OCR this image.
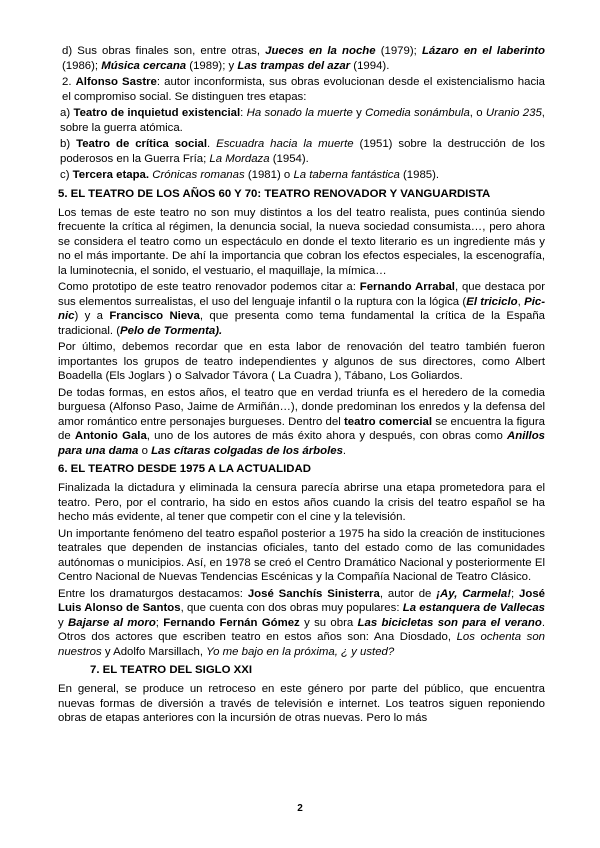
d) Sus obras finales son, entre otras, Jueces en la noche (1979); Lázaro en el laberinto (1986); Música cercana (1989); y Las trampas del azar (1994).

2. Alfonso Sastre: autor inconformista, sus obras evolucionan desde el existencialismo hacia el compromiso social. Se distinguen tres etapas:

a) Teatro de inquietud existencial: Ha sonado la muerte y Comedia sonámbula, o Uranio 235, sobre la guerra atómica.

b) Teatro de crítica social. Escuadra hacia la muerte (1951) sobre la destrucción de los poderosos en la Guerra Fría; La Mordaza (1954).

c) Tercera etapa. Crónicas romanas (1981) o La taberna fantástica (1985).

5. EL TEATRO DE LOS AÑOS 60 Y 70: TEATRO RENOVADOR Y VANGUARDISTA

Los temas de este teatro no son muy distintos a los del teatro realista, pues continúa siendo frecuente la crítica al régimen, la denuncia social, la nueva sociedad consumista…, pero ahora se considera el teatro como un espectáculo en donde el texto literario es un ingrediente más y no el más importante. De ahí la importancia que cobran los efectos especiales, la escenografía, la luminotecnia, el sonido, el vestuario, el maquillaje, la mímica…

Como prototipo de este teatro renovador podemos citar a: Fernando Arrabal, que destaca por sus elementos surrealistas, el uso del lenguaje infantil o la ruptura con la lógica (El triciclo, Pic-nic) y a Francisco Nieva, que presenta como tema fundamental la crítica de la España tradicional. (Pelo de Tormenta).

Por último, debemos recordar que en esta labor de renovación del teatro también fueron importantes los grupos de teatro independientes y algunos de sus directores, como Albert Boadella (Els Joglars ) o Salvador Távora ( La Cuadra ), Tábano, Los Goliardos.

De todas formas, en estos años, el teatro que en verdad triunfa es el heredero de la comedia burguesa (Alfonso Paso, Jaime de Armiñán…), donde predominan los enredos y la defensa del amor romántico entre personajes burgueses. Dentro del teatro comercial se encuentra la figura de Antonio Gala, uno de los autores de más éxito ahora y después, con obras como Anillos para una dama o Las cítaras colgadas de los árboles.

6. EL TEATRO DESDE 1975 A LA ACTUALIDAD

Finalizada la dictadura y eliminada la censura parecía abrirse una etapa prometedora para el teatro. Pero, por el contrario, ha sido en estos años cuando la crisis del teatro español se ha hecho más evidente, al tener que competir con el cine y la televisión.

Un importante fenómeno del teatro español posterior a 1975 ha sido la creación de instituciones teatrales que dependen de instancias oficiales, tanto del estado como de las comunidades autónomas o municipios. Así, en 1978 se creó el Centro Dramático Nacional y posteriormente El Centro Nacional de Nuevas Tendencias Escénicas y la Compañía Nacional de Teatro Clásico.

Entre los dramaturgos destacamos: José Sanchís Sinisterra, autor de ¡Ay, Carmela!; José Luis Alonso de Santos, que cuenta con dos obras muy populares: La estanquera de Vallecas y Bajarse al moro; Fernando Fernán Gómez y su obra Las bicicletas son para el verano. Otros dos actores que escriben teatro en estos años son: Ana Diosdado, Los ochenta son nuestros y Adolfo Marsillach, Yo me bajo en la próxima, ¿ y usted?

7. EL TEATRO DEL SIGLO XXI

En general, se produce un retroceso en este género por parte del público, que encuentra nuevas formas de diversión a través de televisión e internet. Los teatros siguen reponiendo obras de etapas anteriores con la incursión de otras nuevas. Pero lo más

2
